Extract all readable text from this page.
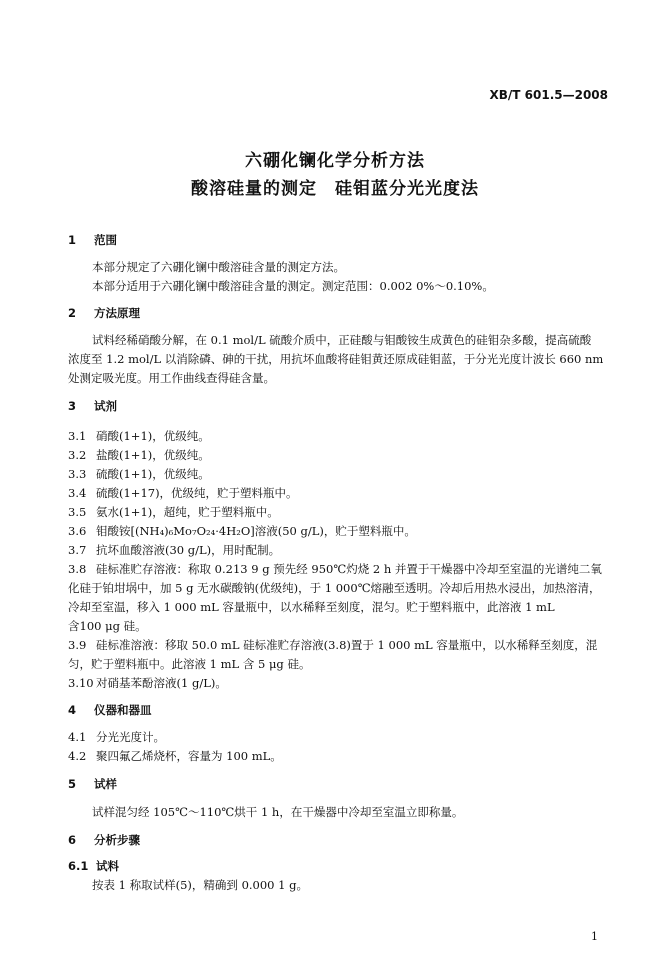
XB/T 601.5—2008
六硼化镧化学分析方法
酸溶硅量的测定　硅钼蓝分光光度法
1 范围
本部分规定了六硼化镧中酸溶硅含量的测定方法。
本部分适用于六硼化镧中酸溶硅含量的测定。测定范围：0.002 0%～0.10%。
2 方法原理
试料经稀硝酸分解，在 0.1 mol/L 硫酸介质中，正硅酸与钼酸铵生成黄色的硅钼杂多酸，提高硫酸
浓度至 1.2 mol/L 以消除磷、砷的干扰，用抗坏血酸将硅钼黄还原成硅钼蓝，于分光光度计波长 660 nm
处测定吸光度。用工作曲线查得硅含量。
3 试剂
3.1 硝酸(1+1)，优级纯。
3.2 盐酸(1+1)，优级纯。
3.3 硫酸(1+1)，优级纯。
3.4 硫酸(1+17)，优级纯，贮于塑料瓶中。
3.5 氨水(1+1)，超纯，贮于塑料瓶中。
3.6 钼酸铵[(NH₄)₆Mo₇O₂₄·4H₂O]溶液(50 g/L)，贮于塑料瓶中。
3.7 抗坏血酸溶液(30 g/L)，用时配制。
3.8 硅标准贮存溶液：称取 0.213 9 g 预先经 950℃灼烧 2 h 并置于干燥器中冷却至室温的光谱纯二氧
化硅于铂坩埚中，加 5 g 无水碳酸钠(优级纯)，于 1 000℃熔融至透明。冷却后用热水浸出，加热溶清，
冷却至室温，移入 1 000 mL 容量瓶中，以水稀释至刻度，混匀。贮于塑料瓶中，此溶液 1 mL
含100 μg 硅。
3.9 硅标准溶液：移取 50.0 mL 硅标准贮存溶液(3.8)置于 1 000 mL 容量瓶中，以水稀释至刻度，混
匀，贮于塑料瓶中。此溶液 1 mL 含 5 μg 硅。
3.10 对硝基苯酚溶液(1 g/L)。
4 仪器和器皿
4.1 分光光度计。
4.2 聚四氟乙烯烧杯，容量为 100 mL。
5 试样
试样混匀经 105℃～110℃烘干 1 h，在干燥器中冷却至室温立即称量。
6 分析步骤
6.1 试料
按表 1 称取试样(5)，精确到 0.000 1 g。
1
